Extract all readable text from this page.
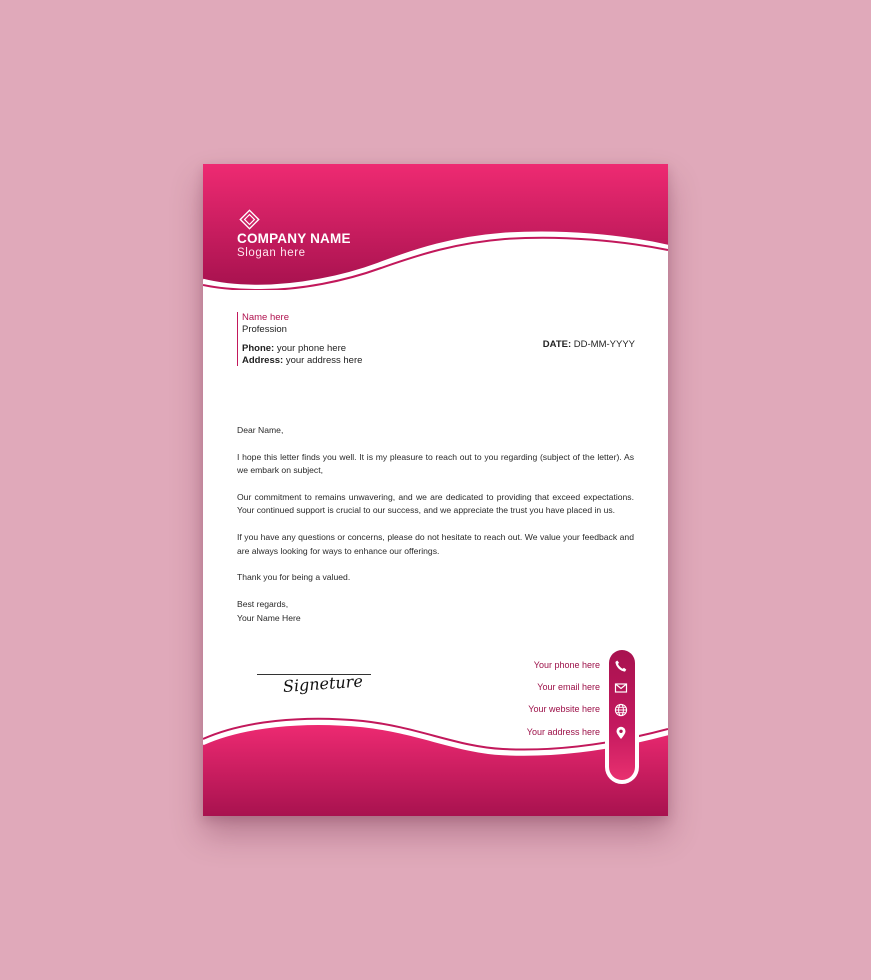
COMPANY NAME
Slogan here
Name here
Profession
Phone: your phone here
Address: your address here
DATE: DD-MM-YYYY

Dear Name,

I hope this letter finds you well. It is my pleasure to reach out to you regarding (subject of the letter). As we embark on subject,

Our commitment to remains unwavering, and we are dedicated to providing that exceed expectations. Your continued support is crucial to our success, and we appreciate the trust you have placed in us.

If you have any questions or concerns, please do not hesitate to reach out. We value your feedback and are always looking for ways to enhance our offerings.

Thank you for being a valued.

Best regards,
Your Name Here

Signeture
Your phone here
Your email here
Your website here
Your address here
